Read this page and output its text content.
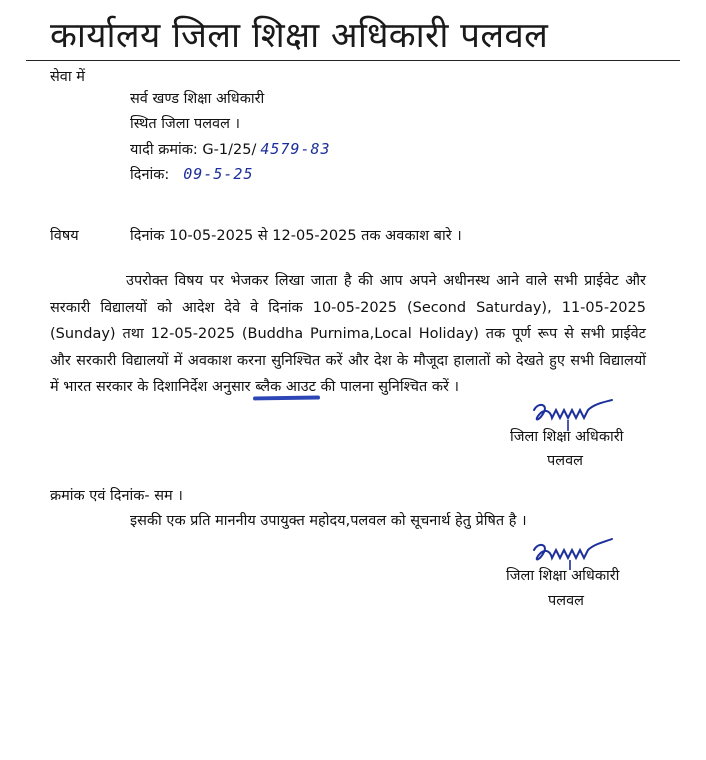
कार्यालय जिला शिक्षा अधिकारी पलवल
सेवा में
सर्व खण्ड शिक्षा अधिकारी
स्थित जिला पलवल ।
यादी क्रमांक: G-1/25/ 4579-83
दिनांक: 09-5-25
विषय	दिनांक 10-05-2025 से 12-05-2025 तक अवकाश बारे ।
उपरोक्त विषय पर भेजकर लिखा जाता है की आप अपने अधीनस्थ आने वाले सभी प्राईवेट और सरकारी विद्यालयों को आदेश देवे वे दिनांक 10-05-2025 (Second Saturday), 11-05-2025 (Sunday) तथा 12-05-2025 (Buddha Purnima,Local Holiday) तक पूर्ण रूप से सभी प्राईवेट और सरकारी विद्यालयों में अवकाश करना सुनिश्चित करें और देश के मौजूदा हालातों को देखते हुए सभी विद्यालयों में भारत सरकार के दिशानिर्देश अनुसार ब्लैक आउट
की पालना सुनिश्चित करें ।
जिला शिक्षा अधिकारी
पलवल
क्रमांक एवं दिनांक- सम ।
इसकी एक प्रति माननीय उपायुक्त महोदय,पलवल को सूचनार्थ हेतु प्रेषित है ।
जिला शिक्षा अधिकारी
पलवल
